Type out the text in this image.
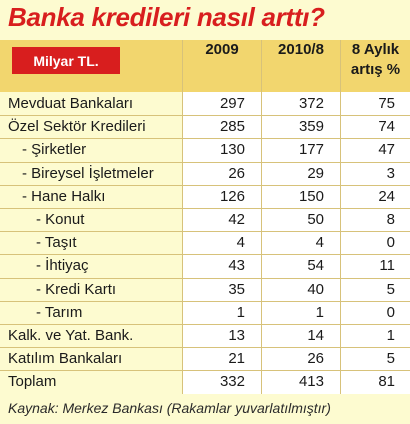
Banka kredileri nasıl arttı?
Milyar TL.
2009	2010/8	8 Aylık
artış %
Mevduat Bankaları	297	372	75
Özel Sektör Kredileri	285	359	74
- Şirketler	130	177	47
- Bireysel İşletmeler	26	29	3
- Hane Halkı	126	150	24
- Konut	42	50	8
- Taşıt	4	4	0
- İhtiyaç	43	54	11
- Kredi Kartı	35	40	5
- Tarım	1	1	0
Kalk. ve Yat. Bank.	13	14	1
Katılım Bankaları	21	26	5
Toplam	332	413	81
Kaynak: Merkez Bankası (Rakamlar yuvarlatılmıştır)
